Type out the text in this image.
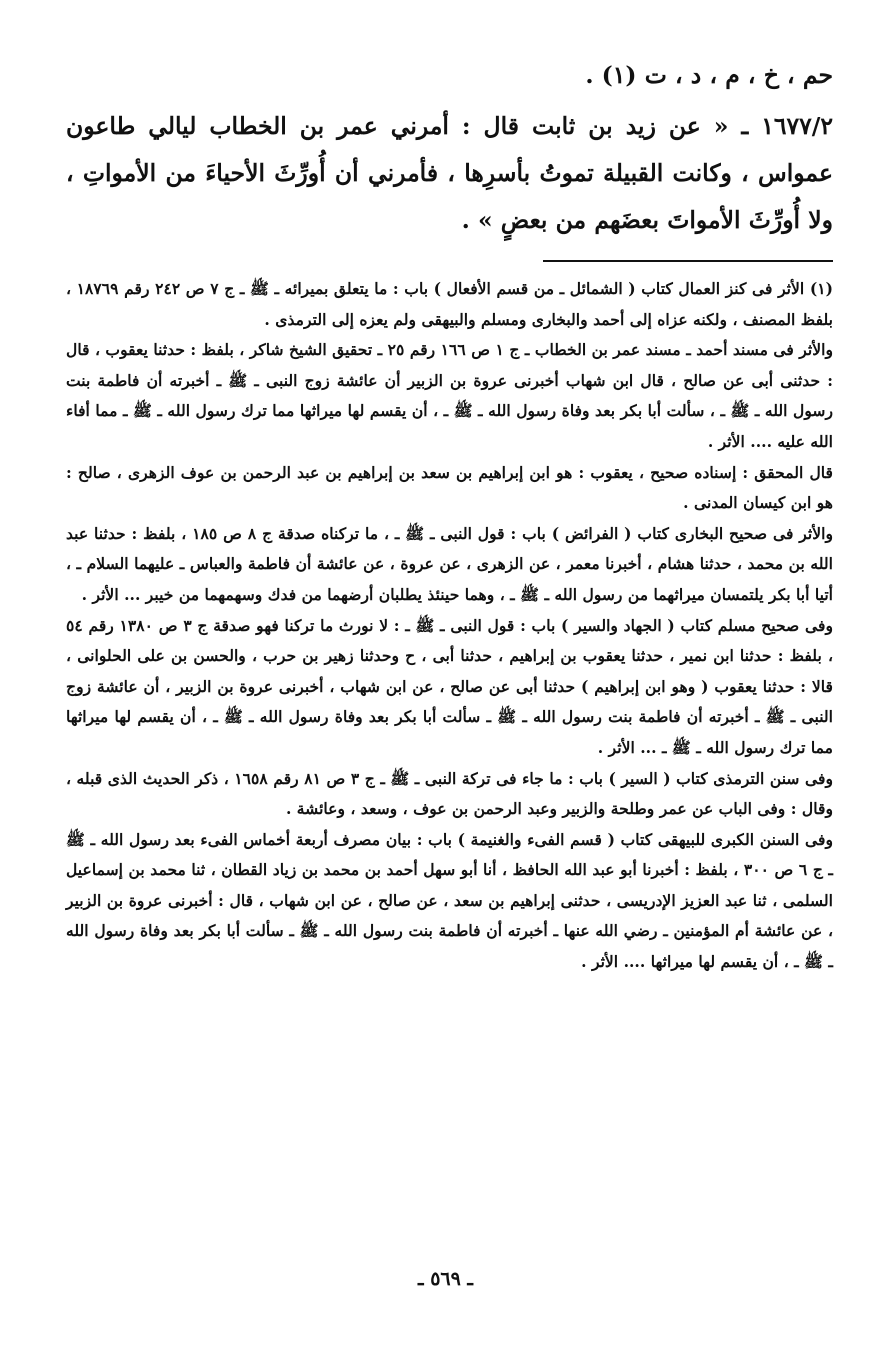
حم ، خ ، م ، د ، ت (١) .

١٦٧٧/٢ ـ « عن زيد بن ثابت قال : أمرني عمر بن الخطاب ليالي طاعون عمواس ، وكانت القبيلة تموتُ بأسرِها ، فأمرني أن أُورِّثَ الأحياءَ من الأمواتِ ، ولا أُورِّثَ الأمواتَ بعضَهم من بعضٍ » .

(١) الأثر فى كنز العمال كتاب ( الشمائل ـ من قسم الأفعال ) باب : ما يتعلق بميرائه ـ ﷺ ـ ج ٧ ص ٢٤٢ رقم ١٨٧٦٩ ، بلفظ المصنف ، ولكنه عزاه إلى أحمد والبخارى ومسلم والبيهقى ولم يعزه إلى الترمذى .

والأثر فى مسند أحمد ـ مسند عمر بن الخطاب ـ ج ١ ص ١٦٦ رقم ٢٥ ـ تحقيق الشيخ شاكر ، بلفظ : حدثنا يعقوب ، قال : حدثنى أبى عن صالح ، قال ابن شهاب أخبرنى عروة بن الزبير أن عائشة زوج النبى ـ ﷺ ـ أخبرته أن فاطمة بنت رسول الله ـ ﷺ ـ ، سألت أبا بكر بعد وفاة رسول الله ـ ﷺ ـ ، أن يقسم لها ميراثها مما ترك رسول الله ـ ﷺ ـ مما أفاء الله عليه .... الأثر .

قال المحقق : إسناده صحيح ، يعقوب : هو ابن إبراهيم بن سعد بن إبراهيم بن عبد الرحمن بن عوف الزهرى ، صالح : هو ابن كيسان المدنى .

والأثر فى صحيح البخارى كتاب ( الفرائض ) باب : قول النبى ـ ﷺ ـ ، ما تركناه صدقة ج ٨ ص ١٨٥ ، بلفظ : حدثنا عبد الله بن محمد ، حدثنا هشام ، أخبرنا معمر ، عن الزهرى ، عن عروة ، عن عائشة أن فاطمة والعباس ـ عليهما السلام ـ ، أتيا أبا بكر يلتمسان ميراثهما من رسول الله ـ ﷺ ـ ، وهما حينئذ يطلبان أرضهما من فدك وسهمهما من خيبر ... الأثر .

وفى صحيح مسلم كتاب ( الجهاد والسير ) باب : قول النبى ـ ﷺ ـ : لا نورث ما تركنا فهو صدقة ج ٣ ص ١٣٨٠ رقم ٥٤ ، بلفظ : حدثنا ابن نمير ، حدثنا يعقوب بن إبراهيم ، حدثنا أبى ، ح وحدثنا زهير بن حرب ، والحسن بن على الحلوانى ، قالا : حدثنا يعقوب ( وهو ابن إبراهيم ) حدثنا أبى عن صالح ، عن ابن شهاب ، أخبرنى عروة بن الزبير ، أن عائشة زوج النبى ـ ﷺ ـ أخبرته أن فاطمة بنت رسول الله ـ ﷺ ـ سألت أبا بكر بعد وفاة رسول الله ـ ﷺ ـ ، أن يقسم لها ميراثها مما ترك رسول الله ـ ﷺ ـ ... الأثر .

وفى سنن الترمذى كتاب ( السير ) باب : ما جاء فى تركة النبى ـ ﷺ ـ ج ٣ ص ٨١ رقم ١٦٥٨ ، ذكر الحديث الذى قبله ، وقال : وفى الباب عن عمر وطلحة والزبير وعبد الرحمن بن عوف ، وسعد ، وعائشة .

وفى السنن الكبرى للبيهقى كتاب ( قسم الفىء والغنيمة ) باب : بيان مصرف أربعة أخماس الفىء بعد رسول الله ـ ﷺ ـ ج ٦ ص ٣٠٠ ، بلفظ : أخبرنا أبو عبد الله الحافظ ، أنا أبو سهل أحمد بن محمد بن زياد القطان ، ثنا محمد بن إسماعيل السلمى ، ثنا عبد العزيز الإدريسى ، حدثنى إبراهيم بن سعد ، عن صالح ، عن ابن شهاب ، قال : أخبرنى عروة بن الزبير ، عن عائشة أم المؤمنين ـ رضي الله عنها ـ أخبرته أن فاطمة بنت رسول الله ـ ﷺ ـ سألت أبا بكر بعد وفاة رسول الله ـ ﷺ ـ ، أن يقسم لها ميراثها .... الأثر .

ـ ٥٦٩ ـ
